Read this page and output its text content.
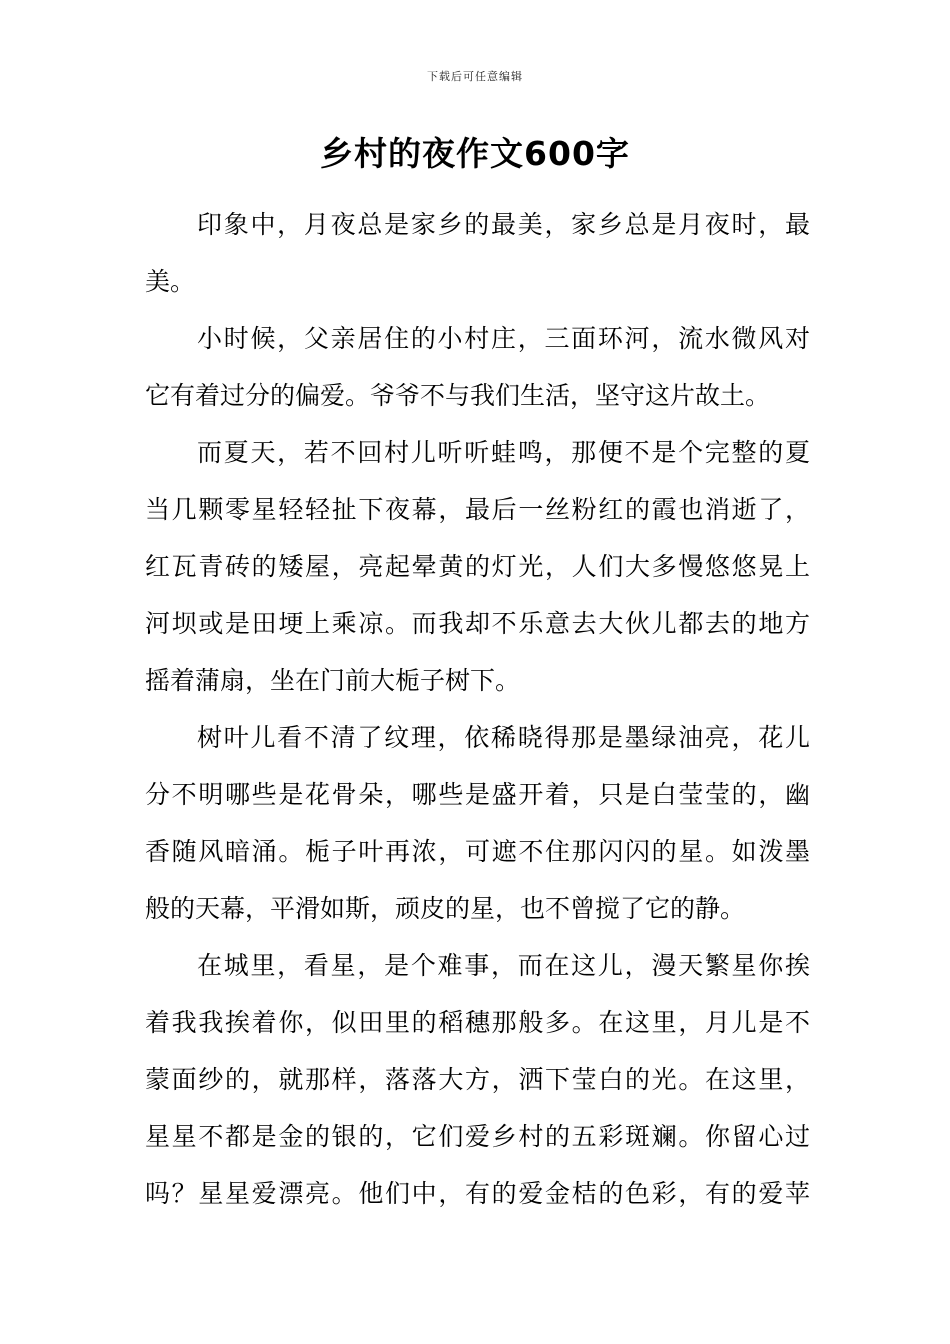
下载后可任意编辑
乡村的夜作文600字
印象中，月夜总是家乡的最美，家乡总是月夜时，最
美。
小时候，父亲居住的小村庄，三面环河，流水微风对
它有着过分的偏爱。爷爷不与我们生活，坚守这片故土。
而夏天，若不回村儿听听蛙鸣，那便不是个完整的夏
当几颗零星轻轻扯下夜幕，最后一丝粉红的霞也消逝了，
红瓦青砖的矮屋，亮起晕黄的灯光，人们大多慢悠悠晃上
河坝或是田埂上乘凉。而我却不乐意去大伙儿都去的地方
摇着蒲扇，坐在门前大栀子树下。
树叶儿看不清了纹理，依稀晓得那是墨绿油亮，花儿
分不明哪些是花骨朵，哪些是盛开着，只是白莹莹的，幽
香随风暗涌。栀子叶再浓，可遮不住那闪闪的星。如泼墨
般的天幕，平滑如斯，顽皮的星，也不曾搅了它的静。
在城里，看星，是个难事，而在这儿，漫天繁星你挨
着我我挨着你，似田里的稻穗那般多。在这里，月儿是不
蒙面纱的，就那样，落落大方，洒下莹白的光。在这里，
星星不都是金的银的，它们爱乡村的五彩斑斓。你留心过
吗？星星爱漂亮。他们中，有的爱金桔的色彩，有的爱苹
